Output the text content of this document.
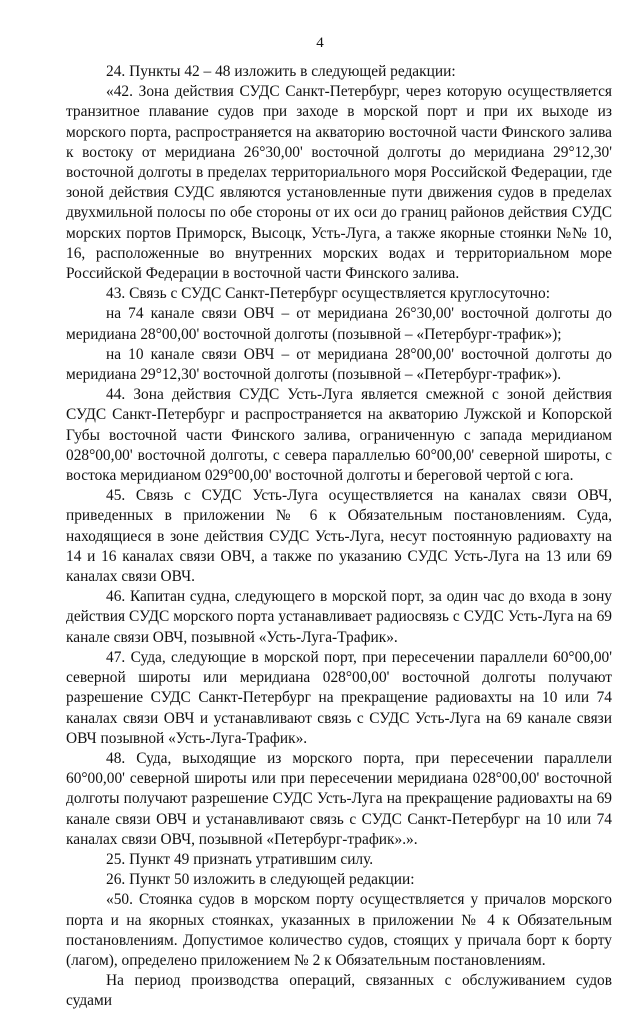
4

24. Пункты 42 – 48 изложить в следующей редакции:

«42. Зона действия СУДС Санкт-Петербург, через которую осуществляется транзитное плавание судов при заходе в морской порт и при их выходе из морского порта, распространяется на акваторию восточной части Финского залива к востоку от меридиана 26°30,00' восточной долготы до меридиана 29°12,30' восточной долготы в пределах территориального моря Российской Федерации, где зоной действия СУДС являются установленные пути движения судов в пределах двухмильной полосы по обе стороны от их оси до границ районов действия СУДС морских портов Приморск, Высоцк, Усть-Луга, а также якорные стоянки №№ 10, 16, расположенные во внутренних морских водах и территориальном море Российской Федерации в восточной части Финского залива.

43. Связь с СУДС Санкт-Петербург осуществляется круглосуточно:

на 74 канале связи ОВЧ – от меридиана 26°30,00' восточной долготы до меридиана 28°00,00' восточной долготы (позывной – «Петербург-трафик»);

на 10 канале связи ОВЧ – от меридиана 28°00,00' восточной долготы до меридиана 29°12,30' восточной долготы (позывной – «Петербург-трафик»).

44. Зона действия СУДС Усть-Луга является смежной с зоной действия СУДС Санкт-Петербург и распространяется на акваторию Лужской и Копорской Губы восточной части Финского залива, ограниченную с запада меридианом 028°00,00' восточной долготы, с севера параллелью 60°00,00' северной широты, с востока меридианом 029°00,00' восточной долготы и береговой чертой с юга.

45. Связь с СУДС Усть-Луга осуществляется на каналах связи ОВЧ, приведенных в приложении № 6 к Обязательным постановлениям. Суда, находящиеся в зоне действия СУДС Усть-Луга, несут постоянную радиовахту на 14 и 16 каналах связи ОВЧ, а также по указанию СУДС Усть-Луга на 13 или 69 каналах связи ОВЧ.

46. Капитан судна, следующего в морской порт, за один час до входа в зону действия СУДС морского порта устанавливает радиосвязь с СУДС Усть-Луга на 69 канале связи ОВЧ, позывной «Усть-Луга-Трафик».

47. Суда, следующие в морской порт, при пересечении параллели 60°00,00' северной широты или меридиана 028°00,00' восточной долготы получают разрешение СУДС Санкт-Петербург на прекращение радиовахты на 10 или 74 каналах связи ОВЧ и устанавливают связь с СУДС Усть-Луга на 69 канале связи ОВЧ позывной «Усть-Луга-Трафик».

48. Суда, выходящие из морского порта, при пересечении параллели 60°00,00' северной широты или при пересечении меридиана 028°00,00' восточной долготы получают разрешение СУДС Усть-Луга на прекращение радиовахты на 69 канале связи ОВЧ и устанавливают связь с СУДС Санкт-Петербург на 10 или 74 каналах связи ОВЧ, позывной «Петербург-трафик».».

25. Пункт 49 признать утратившим силу.

26. Пункт 50 изложить в следующей редакции:

«50. Стоянка судов в морском порту осуществляется у причалов морского порта и на якорных стоянках, указанных в приложении № 4 к Обязательным постановлениям. Допустимое количество судов, стоящих у причала борт к борту (лагом), определено приложением № 2 к Обязательным постановлениям.

На период производства операций, связанных с обслуживанием судов судами
